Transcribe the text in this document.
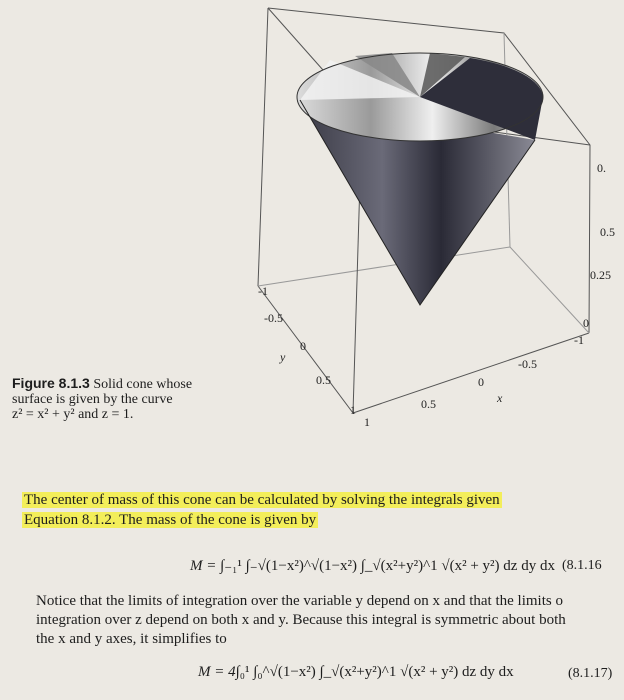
0.
0.5
0.25
0
-1
-0.5
0
0.5
1
y
-1
-0.5
0
0.5
1
x
Figure 8.1.3 Solid cone whose
surface is given by the curve
z² = x² + y² and z = 1.
The center of mass of this cone can be calculated by solving the integrals given
Equation 8.1.2. The mass of the cone is given by
M = ∫₋₁¹ ∫₋√(1−x²)^√(1−x²) ∫_√(x²+y²)^1 √(x² + y²) dz dy dx (8.1.16
Notice that the limits of integration over the variable y depend on x and that the limits o
integration over z depend on both x and y. Because this integral is symmetric about both
the x and y axes, it simplifies to
M = 4∫₀¹ ∫₀^√(1−x²) ∫_√(x²+y²)^1 √(x² + y²) dz dy dx	(8.1.17)
